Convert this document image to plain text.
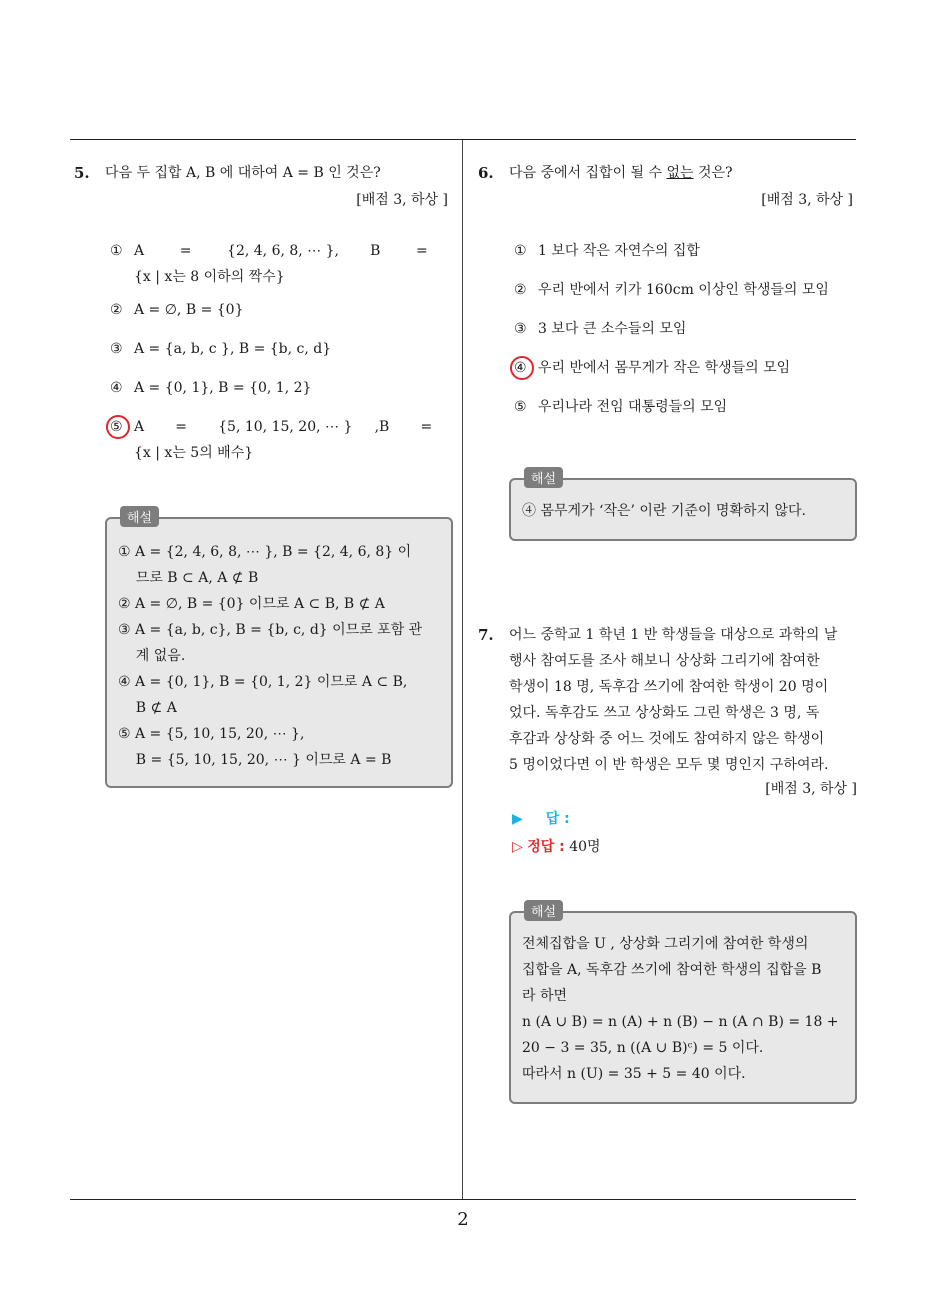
5. 다음 두 집합 A, B 에 대하여 A = B 인 것은?
[배점 3, 하상 ]
① A        =        {2, 4, 6, 8, ⋯ },       B        =
{x | x는 8 이하의 짝수}
② A = ∅, B = {0}
③ A = {a, b, c }, B = {b, c, d}
④ A = {0, 1}, B = {0, 1, 2}
⑤ A       =       {5, 10, 15, 20, ⋯ }     ,B       =
{x | x는 5의 배수}
① A = {2, 4, 6, 8, ⋯ }, B = {2, 4, 6, 8} 이
므로 B ⊂ A, A ⊄ B
② A = ∅, B = {0} 이므로 A ⊂ B, B ⊄ A
③ A = {a, b, c}, B = {b, c, d} 이므로 포함 관
계 없음.
④ A = {0, 1}, B = {0, 1, 2} 이므로 A ⊂ B,
B ⊄ A
⑤ A = {5, 10, 15, 20, ⋯ },
B = {5, 10, 15, 20, ⋯ } 이므로 A = B
해설
6. 다음 중에서 집합이 될 수 없는 것은?
[배점 3, 하상 ]
① 1 보다 작은 자연수의 집합
② 우리 반에서 키가 160cm 이상인 학생들의 모임
③ 3 보다 큰 소수들의 모임
④ 우리 반에서 몸무게가 작은 학생들의 모임
⑤ 우리나라 전임 대통령들의 모임
④ 몸무게가 ‘작은’ 이란 기준이 명확하지 않다.
해설
7. 어느 중학교 1 학년 1 반 학생들을 대상으로 과학의 날
행사 참여도를 조사 해보니 상상화 그리기에 참여한
학생이 18 명, 독후감 쓰기에 참여한 학생이 20 명이
었다. 독후감도 쓰고 상상화도 그린 학생은 3 명, 독
후감과 상상화 중 어느 것에도 참여하지 않은 학생이
5 명이었다면 이 반 학생은 모두 몇 명인지 구하여라.
[배점 3, 하상 ]
▶ 답 :
▷ 정답 : 40명
전체집합을 U , 상상화 그리기에 참여한 학생의
집합을 A, 독후감 쓰기에 참여한 학생의 집합을 B
라 하면
n (A ∪ B) = n (A) + n (B) − n (A ∩ B) = 18 +
20 − 3 = 35, n ((A ∪ B)ᶜ) = 5 이다.
따라서 n (U) = 35 + 5 = 40 이다.
해설
2
